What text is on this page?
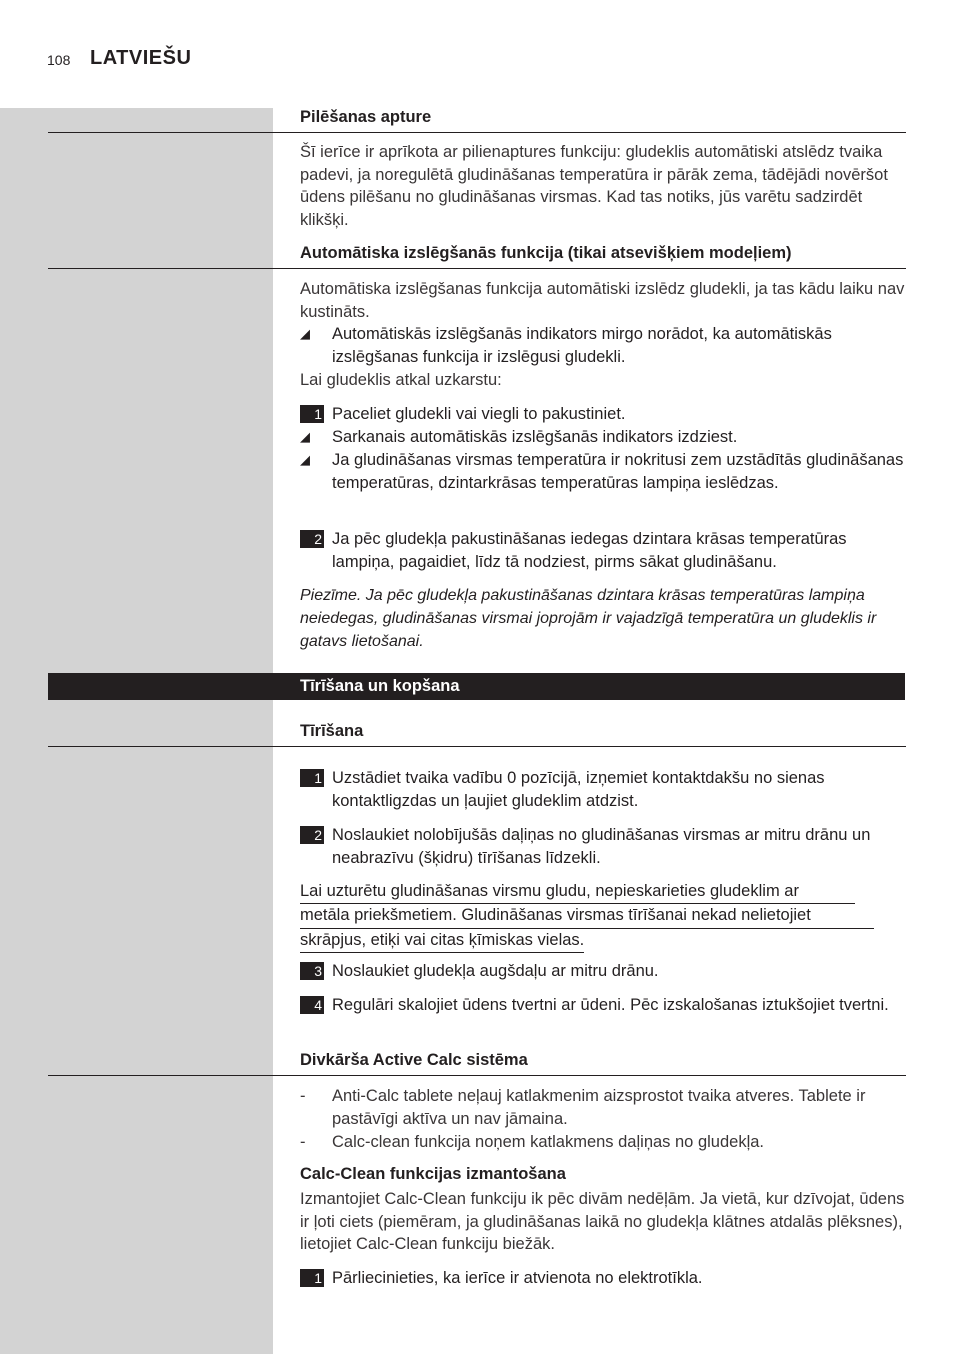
108 LATVIEŠU
Pilēšanas apture
Šī ierīce ir aprīkota ar pilienaptures funkciju: gludeklis automātiski atslēdz tvaika padevi, ja noregulētā gludināšanas temperatūra ir pārāk zema, tādējādi novēršot ūdens pilēšanu no gludināšanas virsmas. Kad tas notiks, jūs varētu sadzirdēt klikšķi.
Automātiska izslēgšanās funkcija (tikai atsevišķiem modeļiem)
Automātiska izslēgšanas funkcija automātiski izslēdz gludekli, ja tas kādu laiku nav kustināts.
◢ Automātiskās izslēgšanās indikators mirgo norādot, ka automātiskās izslēgšanas funkcija ir izslēgusi gludekli.
Lai gludeklis atkal uzkarstu:
1 Paceliet gludekli vai viegli to pakustiniet.
◢ Sarkanais automātiskās izslēgšanās indikators izdziest.
◢ Ja gludināšanas virsmas temperatūra ir nokritusi zem uzstādītās gludināšanas temperatūras, dzintarkrāsas temperatūras lampiņa ieslēdzas.
2 Ja pēc gludekļa pakustināšanas iedegas dzintara krāsas temperatūras lampiņa, pagaidiet, līdz tā nodziest, pirms sākat gludināšanu.
Piezīme. Ja pēc gludekļa pakustināšanas dzintara krāsas temperatūras lampiņa neiedegas, gludināšanas virsmai joprojām ir vajadzīgā temperatūra un gludeklis ir gatavs lietošanai.
Tīrīšana un kopšana
Tīrīšana
1 Uzstādiet tvaika vadību 0 pozīcijā, izņemiet kontaktdakšu no sienas kontaktligzdas un ļaujiet gludeklim atdzist.
2 Noslaukiet nolobījušās daļiņas no gludināšanas virsmas ar mitru drānu un neabrazīvu (šķidru) tīrīšanas līdzekli.
Lai uzturētu gludināšanas virsmu gludu, nepieskarieties gludeklim ar
metāla priekšmetiem. Gludināšanas virsmas tīrīšanai nekad nelietojiet
skrāpjus, etiķi vai citas ķīmiskas vielas.
3 Noslaukiet gludekļa augšdaļu ar mitru drānu.
4 Regulāri skalojiet ūdens tvertni ar ūdeni. Pēc izskalošanas iztukšojiet tvertni.
Divkārša Active Calc sistēma
- Anti-Calc tablete neļauj katlakmenim aizsprostot tvaika atveres. Tablete ir pastāvīgi aktīva un nav jāmaina.
- Calc-clean funkcija noņem katlakmens daļiņas no gludekļa.
Calc-Clean funkcijas izmantošana
Izmantojiet Calc-Clean funkciju ik pēc divām nedēļām. Ja vietā, kur dzīvojat, ūdens ir ļoti ciets (piemēram, ja gludināšanas laikā no gludekļa klātnes atdalās plēksnes), lietojiet Calc-Clean funkciju biežāk.
1 Pārliecinieties, ka ierīce ir atvienota no elektrotīkla.
